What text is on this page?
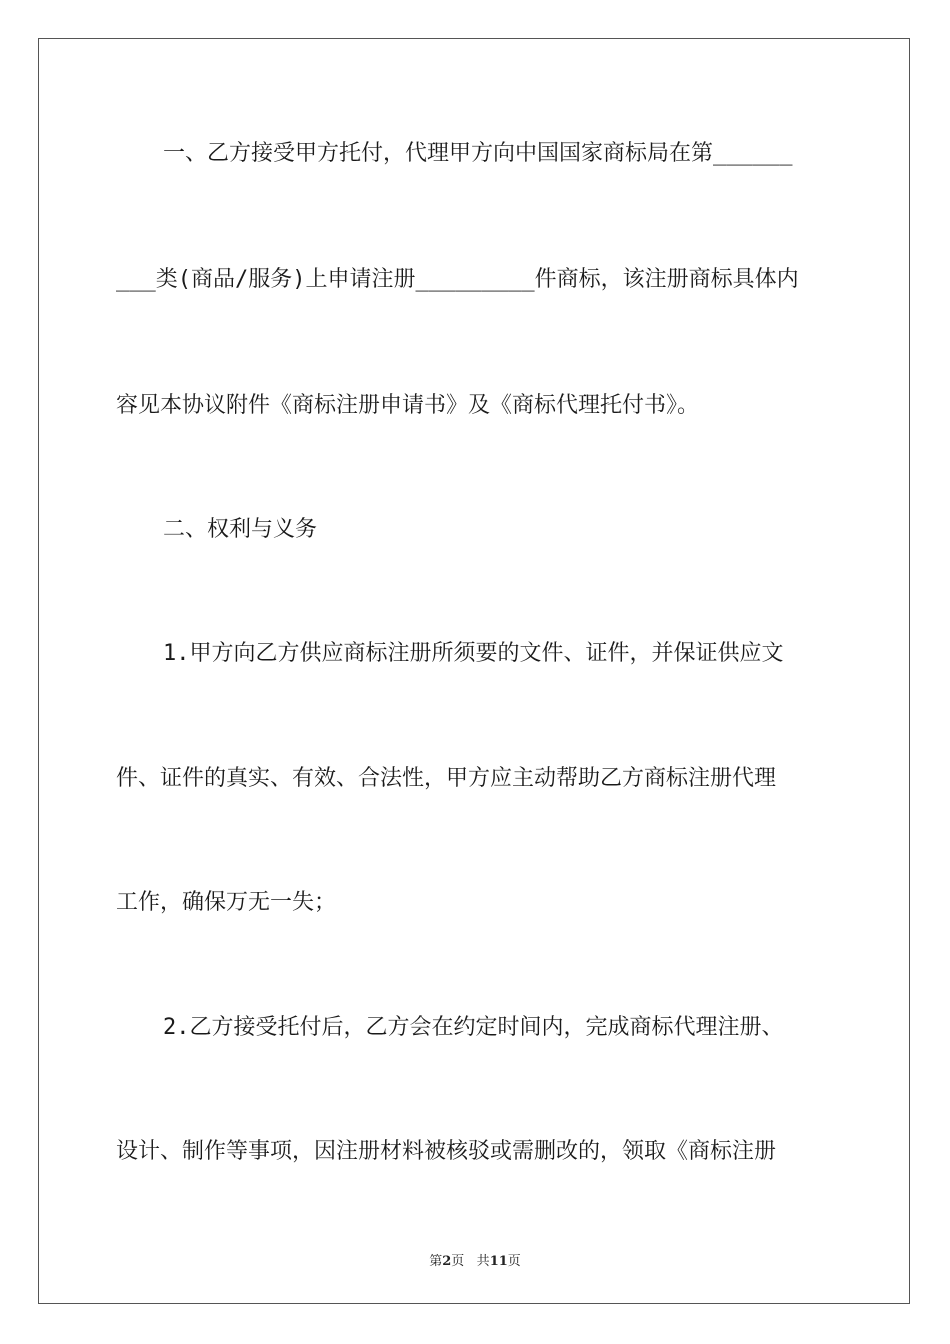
一、乙方接受甲方托付，代理甲方向中国国家商标局在第______
___类(商品/服务)上申请注册_________件商标，该注册商标具体内
容见本协议附件《商标注册申请书》及《商标代理托付书》。
二、权利与义务
1.甲方向乙方供应商标注册所须要的文件、证件，并保证供应文
件、证件的真实、有效、合法性，甲方应主动帮助乙方商标注册代理
工作，确保万无一失；
2.乙方接受托付后，乙方会在约定时间内，完成商标代理注册、
设计、制作等事项，因注册材料被核驳或需删改的，领取《商标注册
第2页 共11页
